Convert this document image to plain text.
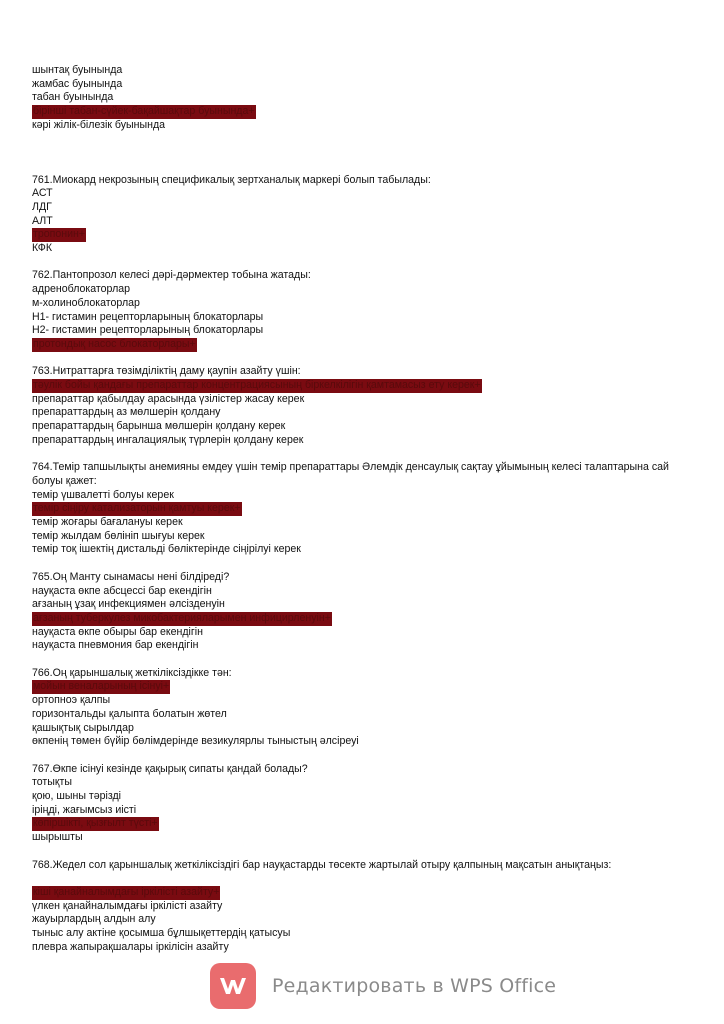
шынтақ буынында
жамбас буынында
табан буынында
бірінші табан-сүйек-бақайшақтар буынында+
кәрі жілік-білезік буынында
761.Миокард некрозының спецификалық зертханалық маркері болып табылады:
АСТ
ЛДГ
АЛТ
тропонин+
КФК
762.Пантопрозол келесі дәрі-дәрмектер тобына жатады:
адреноблокаторлар
м-холиноблокаторлар
Н1- гистамин рецепторларының блокаторлары
Н2- гистамин рецепторларының блокаторлары
протондық насос блокаторлары+
763.Нитраттарға төзімділіктің даму қаупін азайту үшін:
тәулік бойы қандағы препараттар концентрациясының біркелкілігін қамтамасыз ету керек+
препараттар қабылдау арасында үзілістер жасау керек
препараттардың аз мөлшерін қолдану
препараттардың барынша мөлшерін қолдану керек
препараттардың ингалациялық түрлерін қолдану керек
764.Темір тапшылықты анемияны емдеу үшін темір препараттары Әлемдік денсаулық сақтау ұйымының келесі талаптарына сай болуы қажет:
темір үшвалетті болуы керек
темір сіңіру катализаторын қамтуы керек+
темір жоғары бағалануы керек
темір жылдам бөлініп шығуы керек
темір тоқ ішектің дистальді бөліктерінде сіңірілуі керек
765.Оң Манту сынамасы нені білдіреді?
науқаста өкпе абсцессі бар екендігін
ағзаның ұзақ инфекциямен әлсізденуін
ағзаның туберкулез микобактерияларымен инфицирленуін+
науқаста өкпе обыры бар екендігін
науқаста пневмония бар екендігін
766.Оң қарыншалық жеткіліксіздікке тән:
мойын веналарының ісінуі+
ортопноэ қалпы
горизонтальды қалыпта болатын жөтел
қашықтық сырылдар
өкпенің төмен бүйір бөлімдерінде везикулярлы тыныстың әлсіреуі
767.Өкпе ісінуі кезінде қақырық сипаты қандай болады?
тотықты
қою, шыны тәрізді
іріңді, жағымсыз иісті
көпіршікті, қызғылт түсті+
шырышты
768.Жедел сол қарыншалық жеткіліксіздігі бар науқастарды төсекте жартылай отыру қалпының мақсатын анықтаңыз:
кіші қанайналымдағы іркілісті азайту+
үлкен қанайналымдағы іркілісті азайту
жауырлардың алдын алу
тыныс алу актіне қосымша бұлшықеттердің қатысуы
плевра жапырақшалары іркілісін азайту
Редактировать в WPS Office
